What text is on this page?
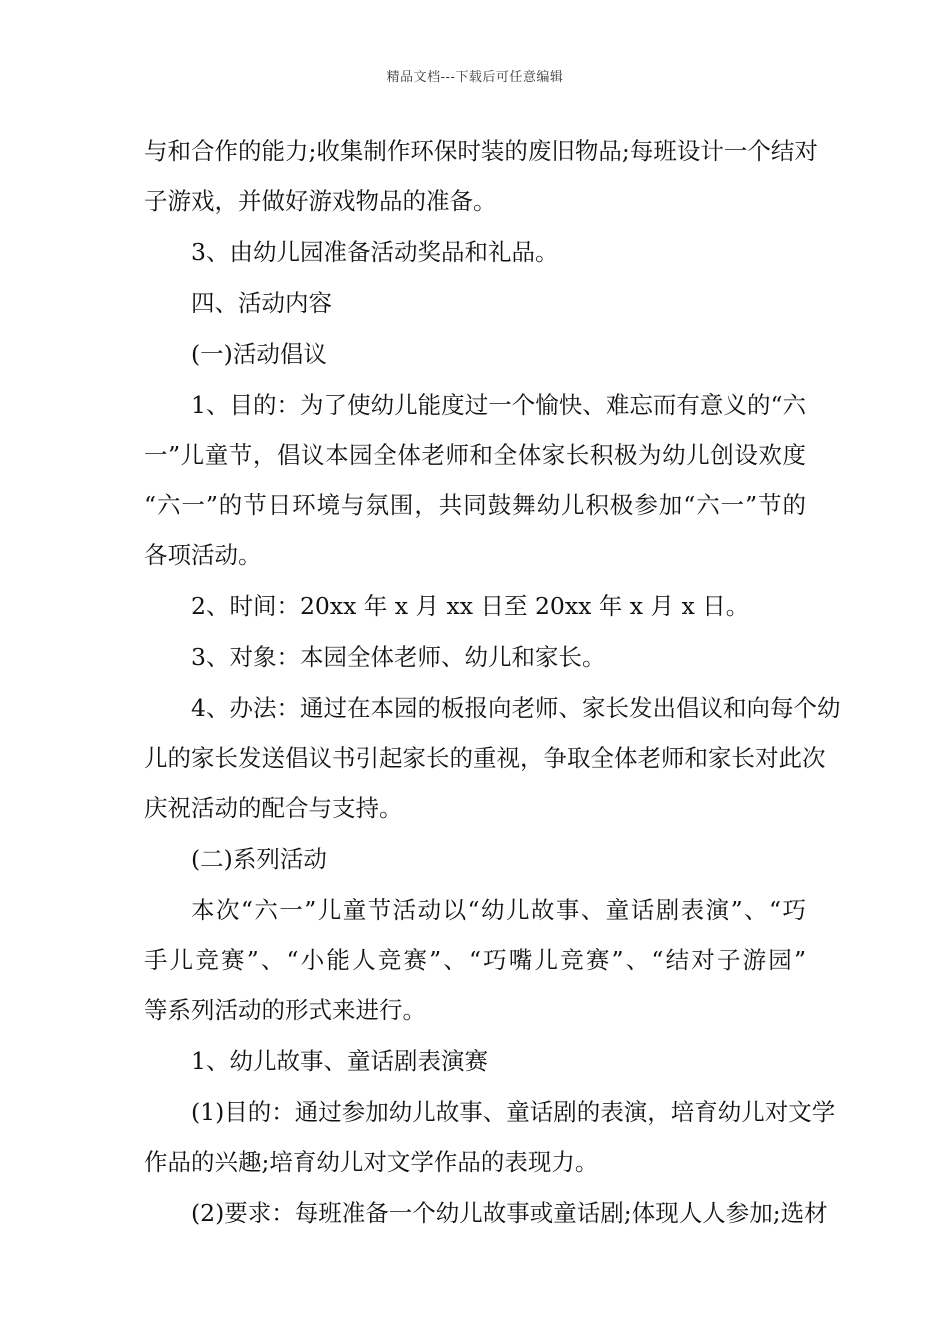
精品文档---下载后可任意编辑
与和合作的能力;收集制作环保时装的废旧物品;每班设计一个结对
子游戏，并做好游戏物品的准备。
3、由幼儿园准备活动奖品和礼品。
四、活动内容
(一)活动倡议
1、目的：为了使幼儿能度过一个愉快、难忘而有意义的“六
一”儿童节，倡议本园全体老师和全体家长积极为幼儿创设欢度
“六一”的节日环境与氛围，共同鼓舞幼儿积极参加“六一”节的
各项活动。
2、时间：20xx 年 x 月 xx 日至 20xx 年 x 月 x 日。
3、对象：本园全体老师、幼儿和家长。
4、办法：通过在本园的板报向老师、家长发出倡议和向每个幼
儿的家长发送倡议书引起家长的重视，争取全体老师和家长对此次
庆祝活动的配合与支持。
(二)系列活动
本次“六一”儿童节活动以“幼儿故事、童话剧表演”、“巧
手儿竞赛”、“小能人竞赛”、“巧嘴儿竞赛”、“结对子游园”
等系列活动的形式来进行。
1、幼儿故事、童话剧表演赛
(1)目的：通过参加幼儿故事、童话剧的表演，培育幼儿对文学
作品的兴趣;培育幼儿对文学作品的表现力。
(2)要求：每班准备一个幼儿故事或童话剧;体现人人参加;选材
